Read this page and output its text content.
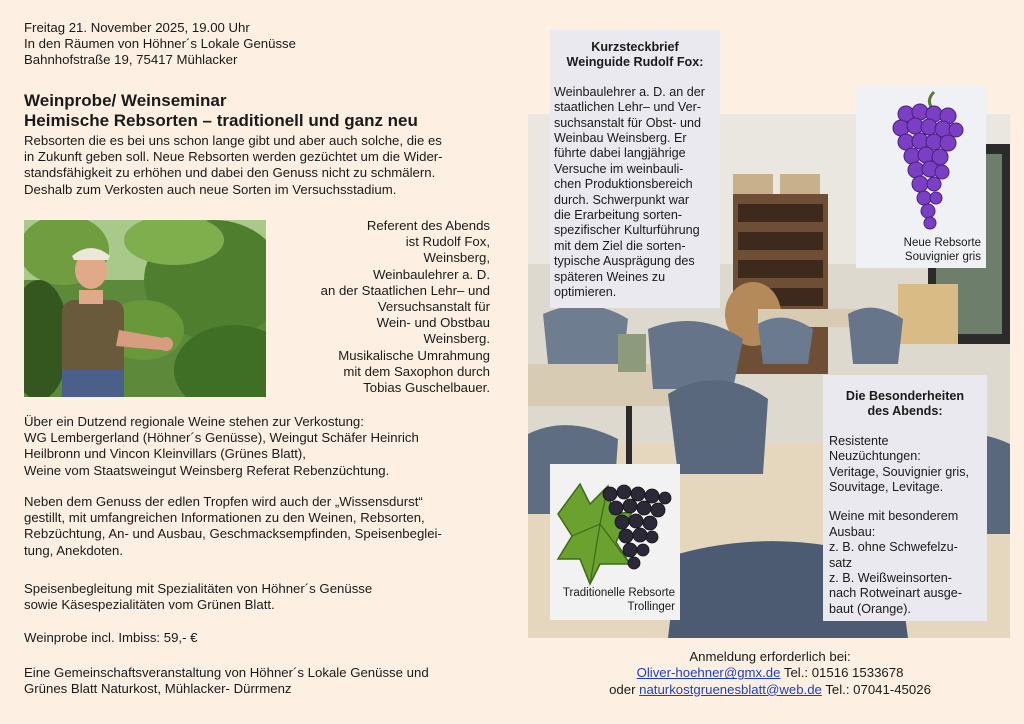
Freitag 21. November 2025, 19.00 Uhr
In den Räumen von Höhner´s Lokale Genüsse
Bahnhofstraße 19, 75417 Mühlacker
Weinprobe/ Weinseminar
Heimische Rebsorten – traditionell und ganz neu
Rebsorten die es bei uns schon lange gibt und aber auch solche, die es
in Zukunft geben soll. Neue Rebsorten werden gezüchtet um die Wider-
standsfähigkeit zu erhöhen und dabei den Genuss nicht zu schmälern.
Deshalb zum Verkosten auch neue Sorten im Versuchsstadium.
Referent des Abends
ist Rudolf Fox,
Weinsberg,
Weinbaulehrer a. D.
an der Staatlichen Lehr– und
Versuchsanstalt für
Wein- und Obstbau
Weinsberg.
Musikalische Umrahmung
mit dem Saxophon durch
Tobias Guschelbauer.
Über ein Dutzend regionale Weine stehen zur Verkostung:
WG Lembergerland (Höhner´s Genüsse), Weingut Schäfer Heinrich
Heilbronn und Vincon Kleinvillars (Grünes Blatt),
Weine vom Staatsweingut Weinsberg Referat Rebenzüchtung.
Neben dem Genuss der edlen Tropfen wird auch der „Wissensdurst“
gestillt, mit umfangreichen Informationen zu den Weinen, Rebsorten,
Rebzüchtung, An- und Ausbau, Geschmacksempfinden, Speisenbeglei-
tung, Anekdoten.
Speisenbegleitung mit Spezialitäten von Höhner´s Genüsse
sowie Käsespezialitäten vom Grünen Blatt.
Weinprobe incl. Imbiss: 59,- €
Eine Gemeinschaftsveranstaltung von Höhner´s Lokale Genüsse und
Grünes Blatt Naturkost, Mühlacker- Dürrmenz
Kurzsteckbrief
Weinguide Rudolf Fox:
Weinbaulehrer a. D. an der
staatlichen Lehr– und Ver-
suchsanstalt für Obst- und
Weinbau Weinsberg. Er
führte dabei langjährige
Versuche im weinbauli-
chen Produktionsbereich
durch. Schwerpunkt war
die Erarbeitung sorten-
spezifischer Kulturführung
mit dem Ziel die sorten-
typische Ausprägung des
späteren Weines zu
optimieren.
Neue Rebsorte
Souvignier gris
Traditionelle Rebsorte
Trollinger
Die Besonderheiten
des Abends:
Resistente
Neuzüchtungen:
Veritage, Souvignier gris,
Souvitage, Levitage.
Weine mit besonderem
Ausbau:
z. B. ohne Schwefelzu-
satz
z. B. Weißweinsorten-
nach Rotweinart ausge-
baut (Orange).
Anmeldung erforderlich bei:
Oliver-hoehner@gmx.de Tel.: 01516 1533678
oder naturkostgruenesblatt@web.de Tel.: 07041-45026
